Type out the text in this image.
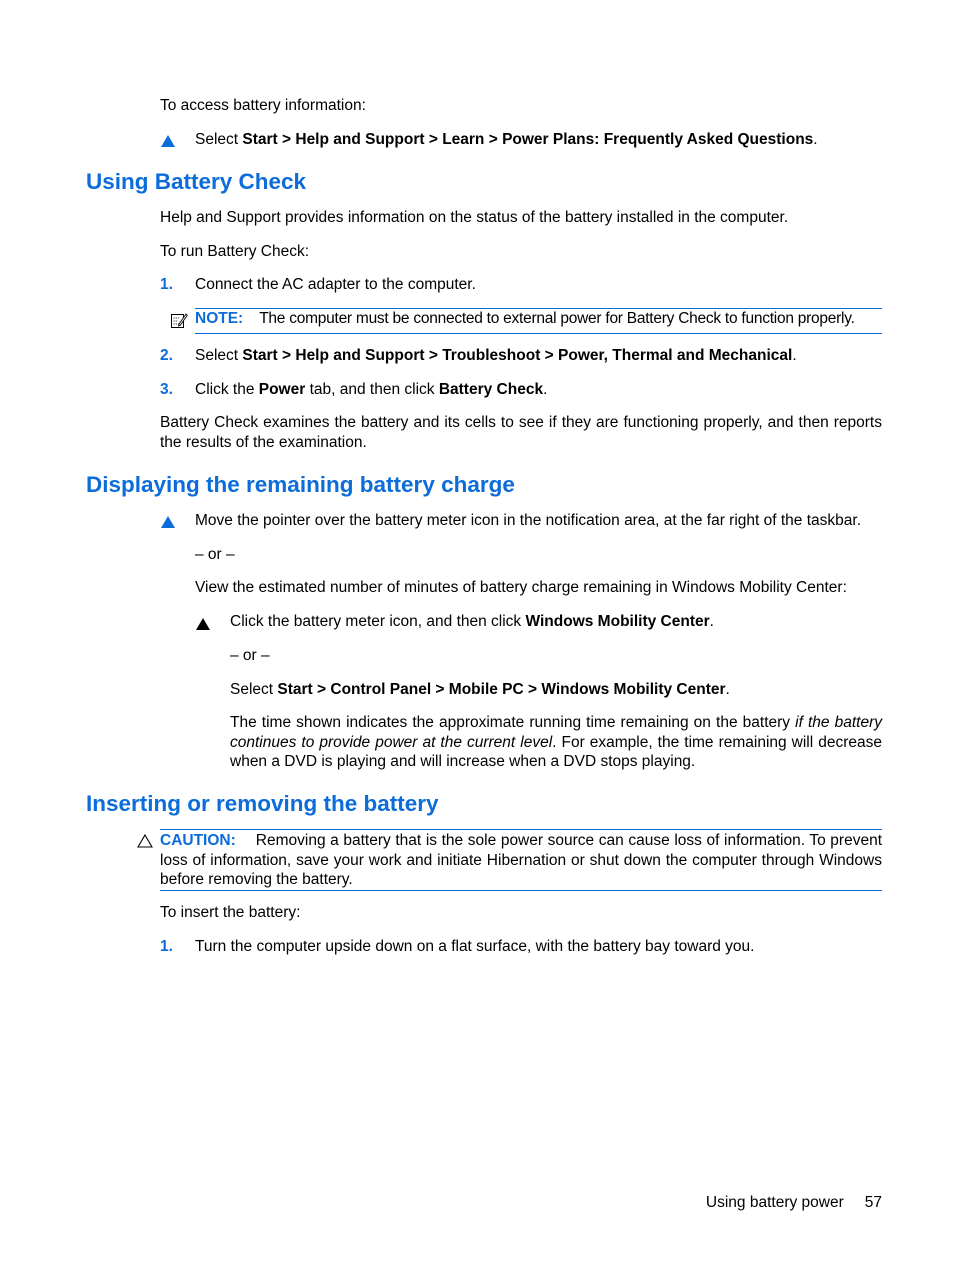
To access battery information:

Select Start > Help and Support > Learn > Power Plans: Frequently Asked Questions.

Using Battery Check

Help and Support provides information on the status of the battery installed in the computer.

To run Battery Check:

1. Connect the AC adapter to the computer.

NOTE: The computer must be connected to external power for Battery Check to function properly.

2. Select Start > Help and Support > Troubleshoot > Power, Thermal and Mechanical.

3. Click the Power tab, and then click Battery Check.

Battery Check examines the battery and its cells to see if they are functioning properly, and then reports the results of the examination.

Displaying the remaining battery charge

Move the pointer over the battery meter icon in the notification area, at the far right of the taskbar.

– or –

View the estimated number of minutes of battery charge remaining in Windows Mobility Center:

Click the battery meter icon, and then click Windows Mobility Center.

– or –

Select Start > Control Panel > Mobile PC > Windows Mobility Center.

The time shown indicates the approximate running time remaining on the battery if the battery continues to provide power at the current level. For example, the time remaining will decrease when a DVD is playing and will increase when a DVD stops playing.

Inserting or removing the battery

CAUTION: Removing a battery that is the sole power source can cause loss of information. To prevent loss of information, save your work and initiate Hibernation or shut down the computer through Windows before removing the battery.

To insert the battery:

1. Turn the computer upside down on a flat surface, with the battery bay toward you.

Using battery power 57
